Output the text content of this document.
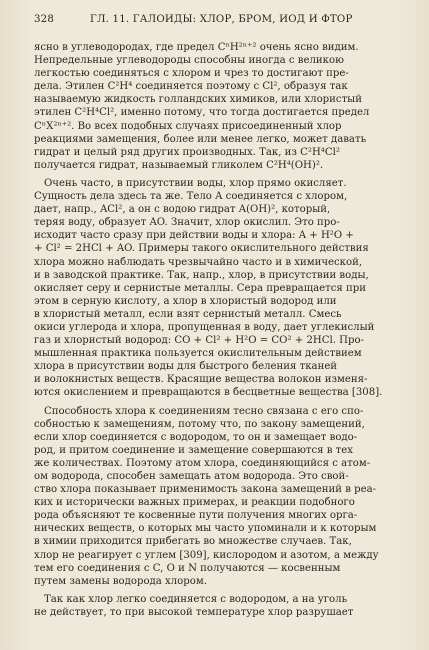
328	ГЛ. 11. ГАЛОИДЫ: ХЛОР, БРОМ, ИОД И ФТОР
ясно в углеводородах, где предел CⁿH²ⁿ⁺² очень ясно видим.
Непредельные углеводороды способны иногда с великою
легкостью соединяться с хлором и чрез то достигают пре-
дела. Этилен C²H⁴ соединяется поэтому с Cl², образуя так
называемую жидкость голландских химиков, или хлористый
этилен C²H⁴Cl², именно потому, что тогда достигается предел
CⁿX²ⁿ⁺². Во всех подобных случаях присоединенный хлор
реакциями замещения, более или менее легко, может давать
гидрат и целый ряд других производных. Так, из C²H⁴Cl²
получается гидрат, называемый гликолем C²H⁴(OH)².
Очень часто, в присутствии воды, хлор прямо окисляет.
Сущность дела здесь та же. Тело A соединяется с хлором,
дает, напр., ACl², а он с водою гидрат A(OH)², который,
теряя воду, образует AO. Значит, хлор окислил. Это про-
исходит часто сразу при действии воды и хлора: A + H²O +
+ Cl² = 2HCl + AO. Примеры такого окислительного действия
хлора можно наблюдать чрезвычайно часто и в химической,
и в заводской практике. Так, напр., хлор, в присутствии воды,
окисляет серу и сернистые металлы. Сера превращается при
этом в серную кислоту, а хлор в хлористый водород или
в хлористый металл, если взят сернистый металл. Смесь
окиси углерода и хлора, пропущенная в воду, дает углекислый
газ и хлористый водород: CO + Cl² + H²O = CO² + 2HCl. Про-
мышленная практика пользуется окислительным действием
хлора в присутствии воды для быстрого беления тканей
и волокнистых веществ. Красящие вещества волокон изменя-
ются окислением и превращаются в бесцветные вещества [308].
Способность хлора к соединениям тесно связана с его спо-
собностью к замещениям, потому что, по закону замещений,
если хлор соединяется с водородом, то он и замещает водо-
род, и притом соединение и замещение совершаются в тех
же количествах. Поэтому атом хлора, соединяющийся с атом-
ом водорода, способен замещать атом водорода. Это свой-
ство хлора показывает применимость закона замещений в реа-
ких и исторически важных примерах, и реакции подобного
рода объясняют те косвенные пути получения многих орга-
нических веществ, о которых мы часто упоминали и к которым
в химии приходится прибегать во множестве случаев. Так,
хлор не реагирует с углем [309], кислородом и азотом, а между
тем его соединения с C, O и N получаются — косвенным
путем замены водорода хлором.
Так как хлор легко соединяется с водородом, а на уголь
не действует, то при высокой температуре хлор разрушает
